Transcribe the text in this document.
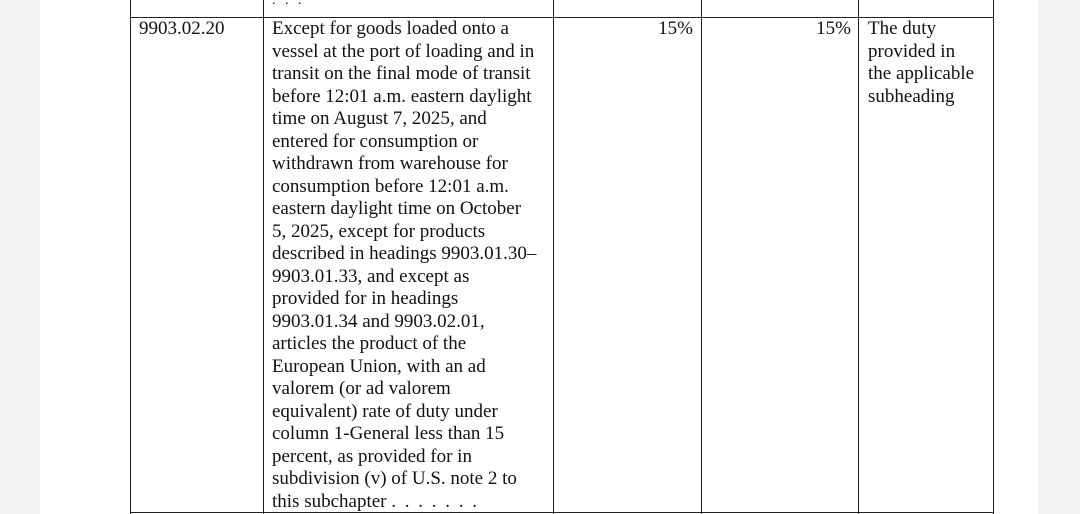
. . .
9903.02.20	Except for goods loaded onto a
vessel at the port of loading and in
transit on the final mode of transit
before 12:01 a.m. eastern daylight
time on August 7, 2025, and
entered for consumption or
withdrawn from warehouse for
consumption before 12:01 a.m.
eastern daylight time on October
5, 2025, except for products
described in headings 9903.01.30–
9903.01.33, and except as
provided for in headings
9903.01.34 and 9903.02.01,
articles the product of the
European Union, with an ad
valorem (or ad valorem
equivalent) rate of duty under
column 1-General less than 15
percent, as provided for in
subdivision (v) of U.S. note 2 to
this subchapter . . . . . . .
15%	15% The duty
provided in
the applicable
subheading
